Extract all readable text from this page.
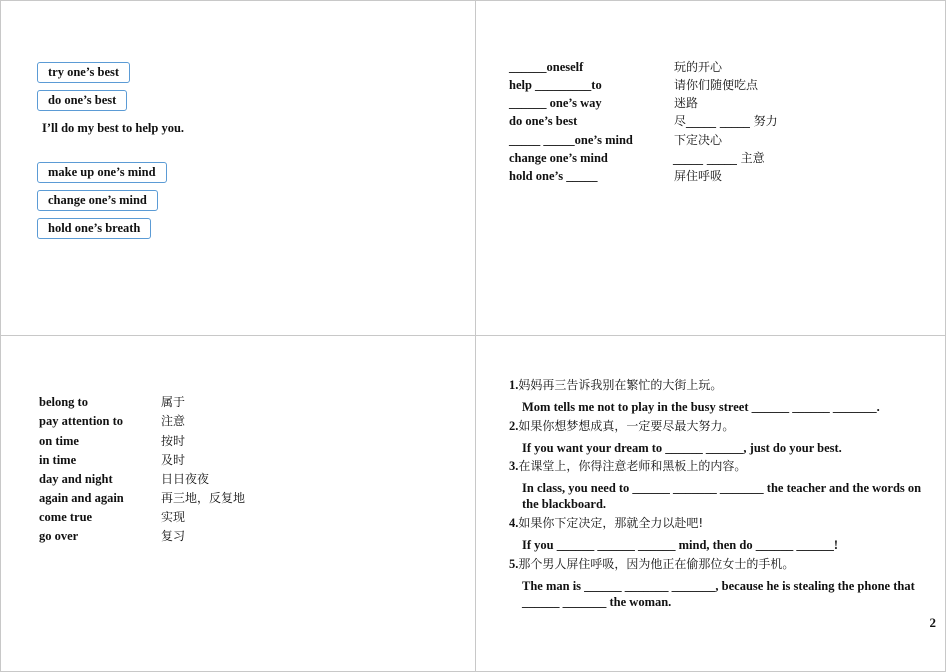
try one’s best
do one’s best
I’ll do my best to help you.
make up one’s mind
change one’s mind
hold one’s breath
______oneself	玩的开心
help _________to	请你们随便吃点
______ one’s way	迷路
do one’s best	尽_____ _____ 努力
_____ _____one’s mind	下定决心
change one’s mind	_____ _____ 主意
hold one’s _____	屏住呼吸
belong to	属于
pay attention to	注意
on time	按时
in time	及时
day and night	日日夜夜
again and again	再三地，反复地
come true	实现
go over	复习
1.妈妈再三告诉我别在繁忙的大街上玩。
Mom tells me not to play in the busy street ______ ______ _______.
2.如果你想梦想成真，一定要尽最大努力。
If you want your dream to ______ ______, just do your best.
3.在课堂上，你得注意老师和黑板上的内容。
In class, you need to ______ _______ _______ the teacher and the words on the blackboard.
4.如果你下定决定，那就全力以赴吧!
If you ______ ______ ______ mind, then do ______ ______!
5.那个男人屏住呼吸，因为他正在偷那位女士的手机。
The man is ______ _______ _______, because he is stealing the phone that ______ _______ the woman.
2
